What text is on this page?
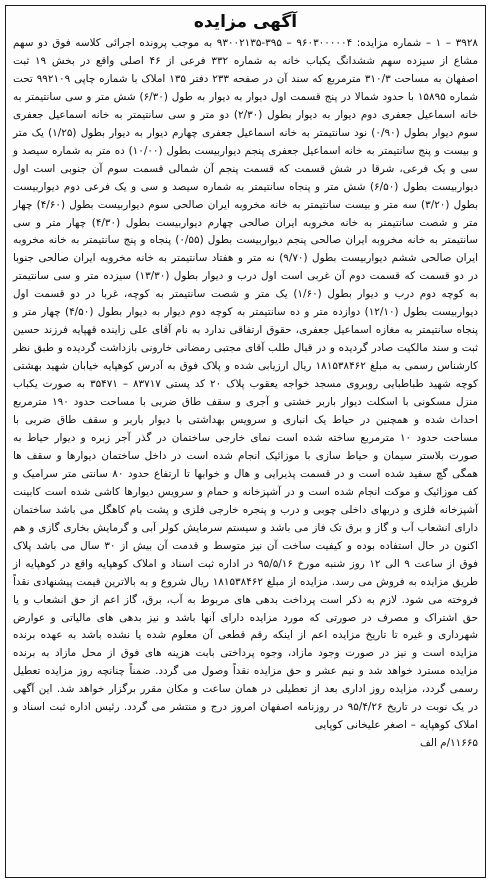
آگهی مزایده

۳۹۲۸ – ۱ – شماره مزایده: ۹۶۰۳۰۰۰۰۰۴ – ۳۹۵-۹۳۰۰۲۱۳۵ به موجب پرونده اجرائی کلاسه فوق دو سهم مشاع از سیزده سهم ششدانگ یکباب خانه به شماره ۳۳۲ فرعی از ۴۶ اصلی واقع در بخش ۱۹ ثبت اصفهان به مساحت ۳۱۰/۳ مترمربع که سند آن در صفحه ۲۳۳ دفتر ۱۳۵ املاک با شماره چاپی ۹۹۲۱۰۹ تحت شماره ۱۵۸۹۵ با حدود شمالا در پنج قسمت اول دیوار به دیوار به طول (۶/۳۰) شش متر و سی سانتیمتر به خانه اسماعیل جعفری دوم دیوار به دیوار بطول (۲/۳۰) دو متر و سی سانتیمتر به خانه اسماعیل جعفری سوم دیوار بطول (۰/۹۰) نود سانتیمتر به خانه اسماعیل جعفری چهارم دیوار به دیوار بطول (۱/۲۵) یک متر و بیست و پنج سانتیمتر به خانه اسماعیل جعفری پنجم دیواربیست بطول (۱۰/۰۰) ده متر به شماره سیصد و سی و یک فرعی، شرقا در شش قسمت که قسمت پنجم آن شمالی قسمت سوم آن جنوبی است اول دیواربیست بطول (۶/۵۰) شش متر و پنجاه سانتیمتر به شماره سیصد و سی و یک فرعی دوم دیواربیست بطول (۳/۲۰) سه متر و بیست سانتیمتر به خانه مخروبه ایران صالحی سوم دیواربیست بطول (۴/۶۰) چهار متر و شصت سانتیمتر به خانه مخروبه ایران صالحی چهارم دیواربیست بطول (۴/۳۰) چهار متر و سی سانتیمتر به خانه مخروبه ایران صالحی پنجم دیواربیست بطول (۰/۵۵) پنجاه و پنج سانتیمتر به خانه مخروبه ایران صالحی ششم دیواربیست بطول (۹/۷۰) نه متر و هفتاد سانتیمتر به خانه مخروبه ایران صالحی جنوبا در دو قسمت که قسمت دوم آن غربی است اول درب و دیوار بطول (۱۳/۳۰) سیزده متر و سی سانتیمتر به کوچه دوم درب و دیوار بطول (۱/۶۰) یک متر و شصت سانتیمتر به کوچه، غربا در دو قسمت اول دیواربیست بطول (۱۲/۱۰) دوازده متر و ده سانتیمتر به کوچه دوم دیوار به دیوار بطول (۴/۵۰) چهار متر و پنجاه سانتیمتر به مغازه اسماعیل جعفری، حقوق ارتفاقی ندارد به نام آقای علی زاینده قهپایه فرزند حسین ثبت و سند مالکیت صادر گردیده و در قبال طلب آقای مجتبی رمضانی خارونی بازداشت گردیده و طبق نظر کارشناس رسمی به مبلغ ۱۸۱۵۳۸۴۶۲ ریال ارزیابی شده و پلاک فوق به آدرس کوهپایه خیابان شهید بهشتی کوچه شهید طباطبایی روبروی مسجد خواجه یعقوب پلاک ۲۰ کد پستی ۸۳۷۱۷ – ۳۵۴۷۱ به صورت یکباب منزل مسکونی با اسکلت دیوار باربر خشتی و آجری و سقف طاق ضربی با مساحت حدود ۱۹۰ مترمربع احداث شده و همچنین در حیاط یک انباری و سرویس بهداشتی با دیوار باربر و سقف طاق ضربی با مساحت حدود ۱۰ مترمربع ساخته شده است نمای خارجی ساختمان در گذر آجر زبره و دیوار حیاط به صورت بلاستر سیمان و حیاط سازی با موزائیک انجام شده است در داخل ساختمان دیوارها و سقف ها همگی گچ سفید شده است و در قسمت پذیرایی و هال و خوابها تا ارتفاع حدود ۸۰ سانتی متر سرامیک و کف موزائیک و موکت انجام شده است و در آشپزخانه و حمام و سرویس دیوارها کاشی شده است کابینت آشپزخانه فلزی و دربهای داخلی چوبی و درب و پنجره خارجی فلزی و پشت بام کاهگل می باشد ساختمان دارای انشعاب آب و گاز و برق تک فاز می باشد و سیستم سرمایش کولر آبی و گرمایش بخاری گازی و هم اکنون در حال استفاده بوده و کیفیت ساخت آن نیز متوسط و قدمت آن بیش از ۳۰ سال می باشد پلاک فوق از ساعت ۹ الی ۱۲ روز شنبه مورخ ۹۵/۵/۱۶ در اداره ثبت اسناد و املاک کوهپایه واقع در کوهپایه از طریق مزایده به فروش می رسد. مزایده از مبلغ ۱۸۱۵۳۸۴۶۲ ریال شروع و به بالاترین قیمت پیشنهادی نقداً فروخته می شود. لازم به ذکر است پرداخت بدهی های مربوط به آب، برق، گاز اعم از حق انشعاب و یا حق اشتراک و مصرف در صورتی که مورد مزایده دارای آنها باشد و نیز بدهی های مالیاتی و عوارض شهرداری و غیره تا تاریخ مزایده اعم از اینکه رقم قطعی آن معلوم شده یا نشده باشد به عهده برنده مزایده است و نیز در صورت وجود مازاد، وجوه پرداختی بابت هزینه های فوق از محل مازاد به برنده مزایده مسترد خواهد شد و نیم عشر و حق مزایده نقداً وصول می گردد. ضمناً چنانچه روز مزایده تعطیل رسمی گردد، مزایده روز اداری بعد از تعطیلی در همان ساعت و مکان مقرر برگزار خواهد شد. این آگهی در یک نوبت در تاریخ ۹۵/۴/۲۶ در روزنامه اصفهان امروز درج و منتشر می گردد. رئیس اداره ثبت اسناد و املاک کوهپایه – اصغر علیخانی کوپایی

۱۱۶۶۵/م الف
